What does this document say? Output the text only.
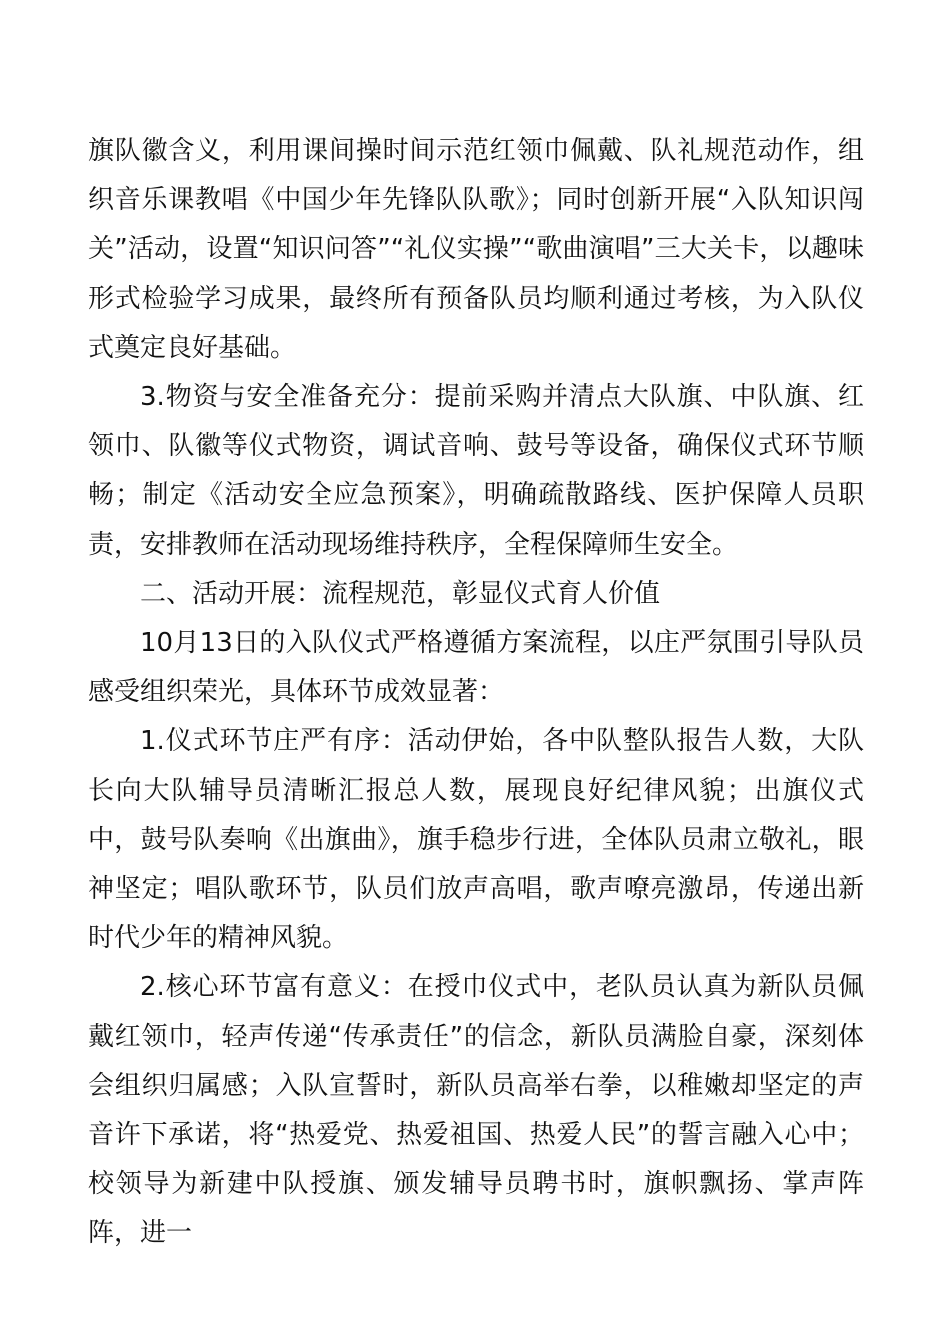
旗队徽含义，利用课间操时间示范红领巾佩戴、队礼规范动作，组织音乐课教唱《中国少年先锋队队歌》；同时创新开展“入队知识闯关”活动，设置“知识问答”“礼仪实操”“歌曲演唱”三大关卡，以趣味形式检验学习成果，最终所有预备队员均顺利通过考核，为入队仪式奠定良好基础。

3.物资与安全准备充分：提前采购并清点大队旗、中队旗、红领巾、队徽等仪式物资，调试音响、鼓号等设备，确保仪式环节顺畅；制定《活动安全应急预案》，明确疏散路线、医护保障人员职责，安排教师在活动现场维持秩序，全程保障师生安全。

二、活动开展：流程规范，彰显仪式育人价值

10月13日的入队仪式严格遵循方案流程，以庄严氛围引导队员感受组织荣光，具体环节成效显著：

1.仪式环节庄严有序：活动伊始，各中队整队报告人数，大队长向大队辅导员清晰汇报总人数，展现良好纪律风貌；出旗仪式中，鼓号队奏响《出旗曲》，旗手稳步行进，全体队员肃立敬礼，眼神坚定；唱队歌环节，队员们放声高唱，歌声嘹亮激昂，传递出新时代少年的精神风貌。

2.核心环节富有意义：在授巾仪式中，老队员认真为新队员佩戴红领巾，轻声传递“传承责任”的信念，新队员满脸自豪，深刻体会组织归属感；入队宣誓时，新队员高举右拳，以稚嫩却坚定的声音许下承诺，将“热爱党、热爱祖国、热爱人民”的誓言融入心中；校领导为新建中队授旗、颁发辅导员聘书时，旗帜飘扬、掌声阵阵，进一
